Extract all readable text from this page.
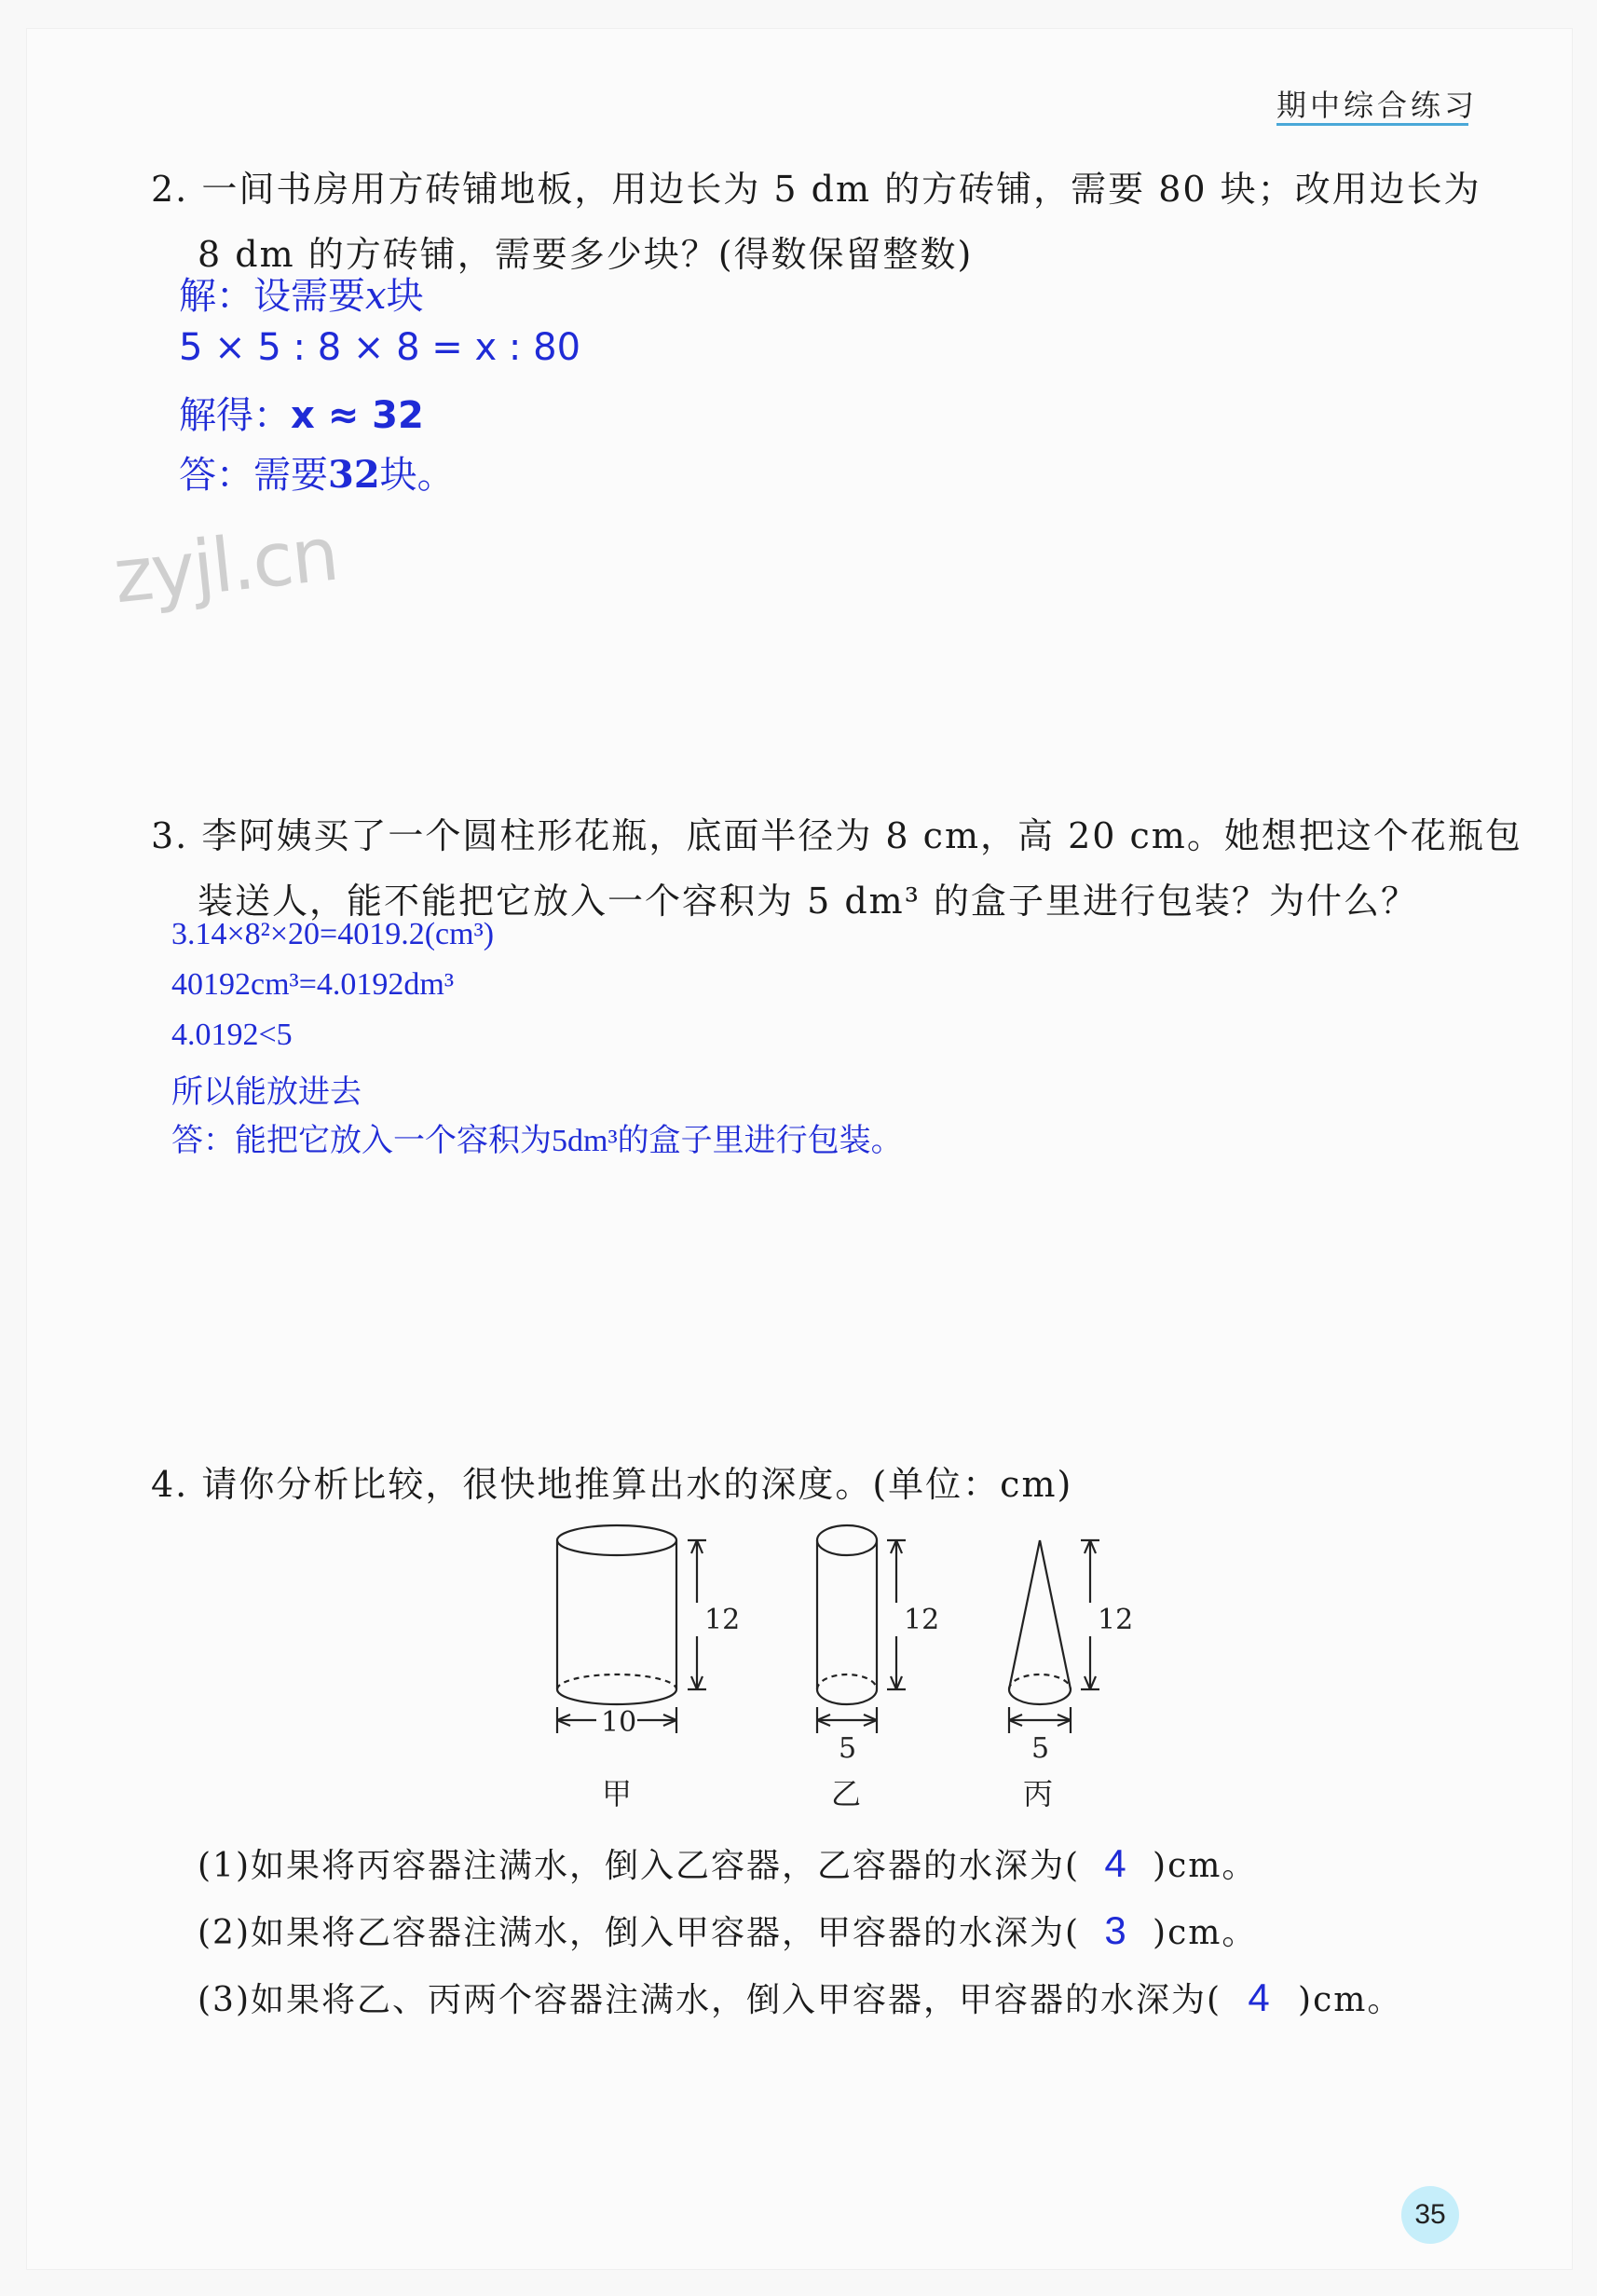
期中综合练习
2. 一间书房用方砖铺地板，用边长为 5 dm 的方砖铺，需要 80 块；改用边长为
8 dm 的方砖铺，需要多少块？(得数保留整数)
解：设需要x块
5 × 5 : 8 × 8 = x : 80
解得：x ≈ 32
答：需要32块。
zyjl.cn
3. 李阿姨买了一个圆柱形花瓶，底面半径为 8 cm，高 20 cm。她想把这个花瓶包
装送人，能不能把它放入一个容积为 5 dm³ 的盒子里进行包装？为什么？
3.14×8²×20=4019.2(cm³)
40192cm³=4.0192dm³
4.0192<5
所以能放进去
答：能把它放入一个容积为5dm³的盒子里进行包装。
4. 请你分析比较，很快地推算出水的深度。(单位：cm)
12	12	12
10
5	5
甲	乙	丙
(1)如果将丙容器注满水，倒入乙容器，乙容器的水深为( 4 )cm。
(2)如果将乙容器注满水，倒入甲容器，甲容器的水深为( 3 )cm。
(3)如果将乙、丙两个容器注满水，倒入甲容器，甲容器的水深为( 4 )cm。
35
